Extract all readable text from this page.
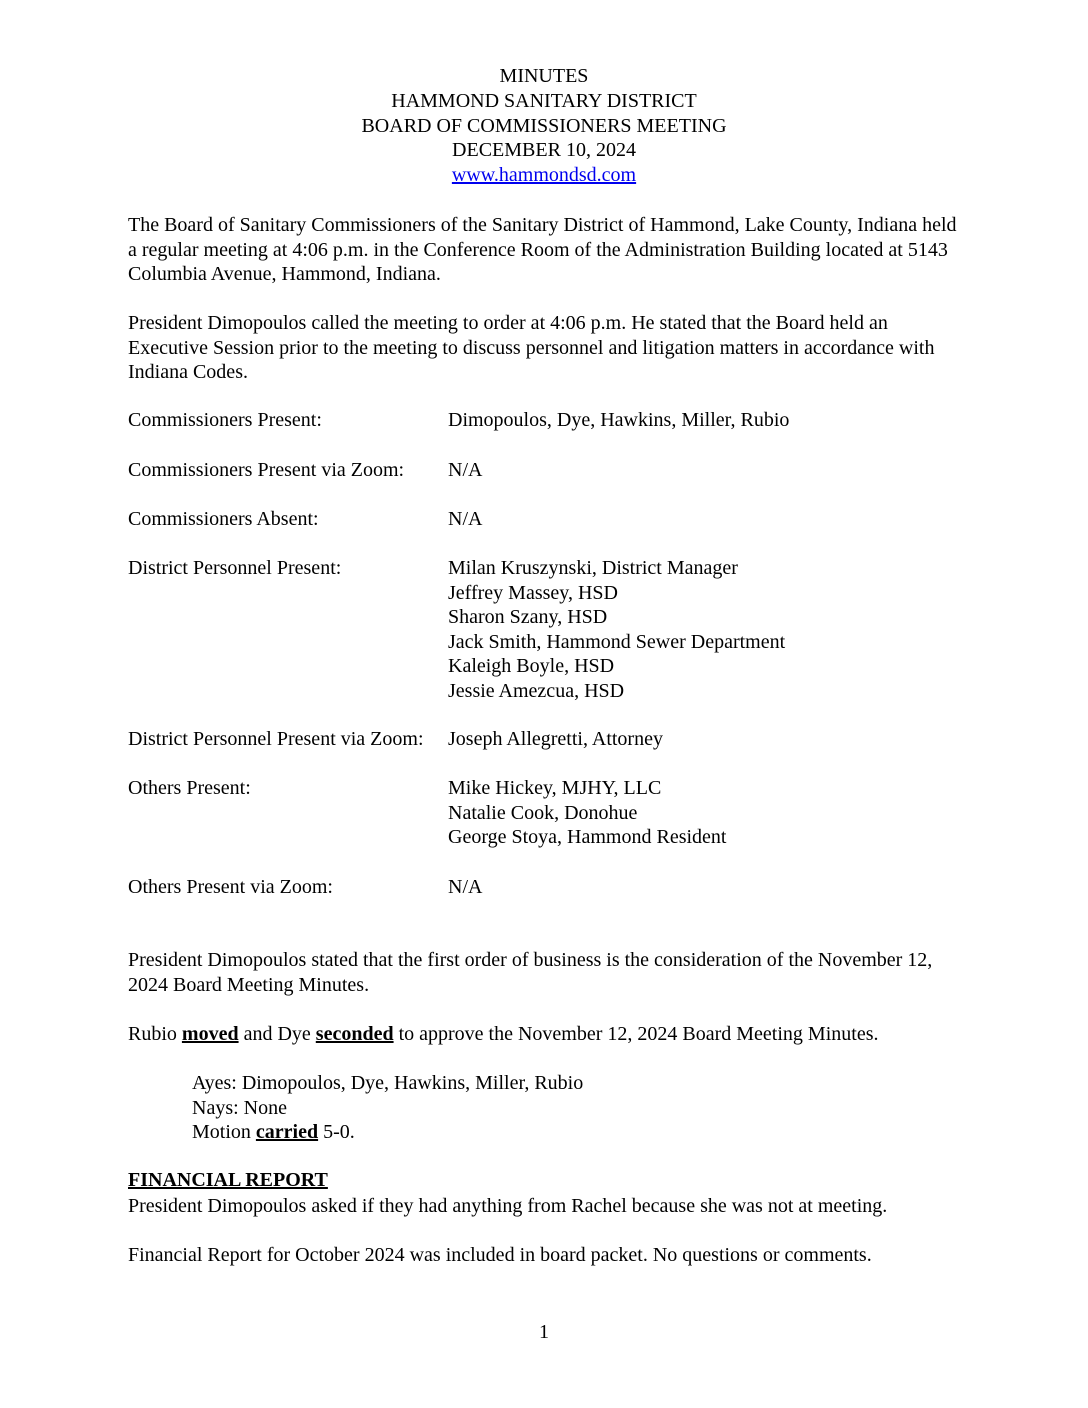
MINUTES
HAMMOND SANITARY DISTRICT
BOARD OF COMMISSIONERS MEETING
DECEMBER 10, 2024
www.hammondsd.com
The Board of Sanitary Commissioners of the Sanitary District of Hammond, Lake County, Indiana held a regular meeting at 4:06 p.m. in the Conference Room of the Administration Building located at 5143 Columbia Avenue, Hammond, Indiana.
President Dimopoulos called the meeting to order at 4:06 p.m. He stated that the Board held an Executive Session prior to the meeting to discuss personnel and litigation matters in accordance with Indiana Codes.
Commissioners Present:	Dimopoulos, Dye, Hawkins, Miller, Rubio
Commissioners Present via Zoom: N/A
Commissioners Absent:	N/A
District Personnel Present:	Milan Kruszynski, District Manager
Jeffrey Massey, HSD
Sharon Szany, HSD
Jack Smith, Hammond Sewer Department
Kaleigh Boyle, HSD
Jessie Amezcua, HSD
District Personnel Present via Zoom: Joseph Allegretti, Attorney
Others Present:	Mike Hickey, MJHY, LLC
Natalie Cook, Donohue
George Stoya, Hammond Resident
Others Present via Zoom:	N/A
President Dimopoulos stated that the first order of business is the consideration of the November 12, 2024 Board Meeting Minutes.
Rubio moved and Dye seconded to approve the November 12, 2024 Board Meeting Minutes.
Ayes: Dimopoulos, Dye, Hawkins, Miller, Rubio
Nays: None
Motion carried 5-0.
FINANCIAL REPORT
President Dimopoulos asked if they had anything from Rachel because she was not at meeting.
Financial Report for October 2024 was included in board packet. No questions or comments.
1
